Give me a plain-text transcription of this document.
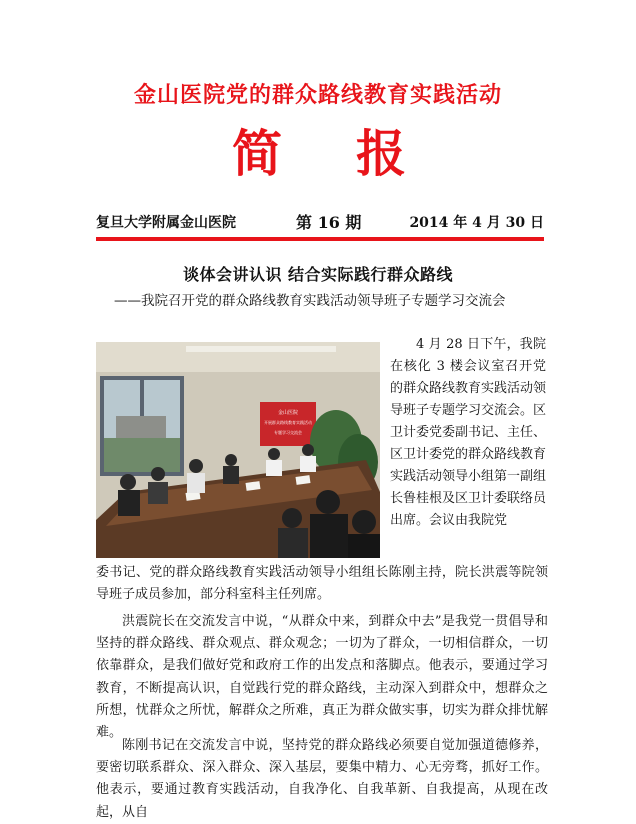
金山医院党的群众路线教育实践活动
简 报
复旦大学附属金山医院	第 16 期	2014 年 4 月 30 日
谈体会讲认识 结合实际践行群众路线
——我院召开党的群众路线教育实践活动领导班子专题学习交流会
金山医院
开展群众路线教育实践活动
专题学习交流会

4 月 28 日下午，我院在核化 3 楼会议室召开党的群众路线教育实践活动领导班子专题学习交流会。区卫计委党委副书记、主任、区卫计委党的群众路线教育实践活动领导小组第一副组长鲁桂根及区卫计委联络员出席。会议由我院党

委书记、党的群众路线教育实践活动领导小组组长陈刚主持，院长洪震等院领导班子成员参加，部分科室科主任列席。

洪震院长在交流发言中说，“从群众中来，到群众中去”是我党一贯倡导和坚持的群众路线、群众观点、群众观念；一切为了群众，一切相信群众，一切依靠群众，是我们做好党和政府工作的出发点和落脚点。他表示，要通过学习教育，不断提高认识，自觉践行党的群众路线，主动深入到群众中，想群众之所想，忧群众之所忧，解群众之所难，真正为群众做实事，切实为群众排忧解难。

陈刚书记在交流发言中说，坚持党的群众路线必须要自觉加强道德修养，要密切联系群众、深入群众、深入基层，要集中精力、心无旁骛，抓好工作。他表示，要通过教育实践活动，自我净化、自我革新、自我提高，从现在改起，从自
